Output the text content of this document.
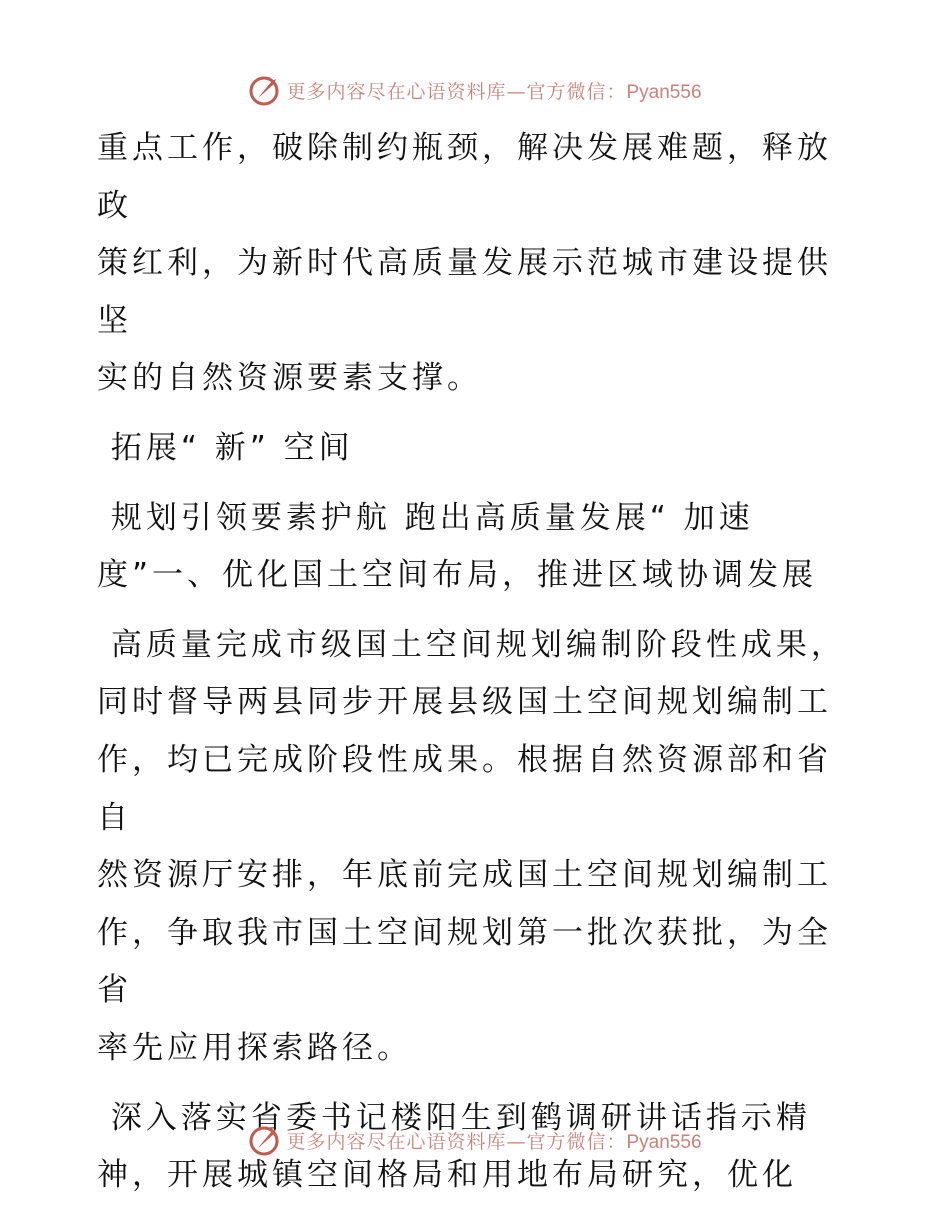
更多内容尽在心语资料库—官方微信：Pyan556
重点工作，破除制约瓶颈，解决发展难题，释放政
策红利，为新时代高质量发展示范城市建设提供坚
实的自然资源要素支撑。
拓展“ 新” 空间
规划引领要素护航 跑出高质量发展“ 加速
度”一、优化国土空间布局，推进区域协调发展
高质量完成市级国土空间规划编制阶段性成果，
同时督导两县同步开展县级国土空间规划编制工
作，均已完成阶段性成果。根据自然资源部和省自
然资源厅安排，年底前完成国土空间规划编制工
作，争取我市国土空间规划第一批次获批，为全省
率先应用探索路径。
深入落实省委书记楼阳生到鹤调研讲话指示精
神，开展城镇空间格局和用地布局研究，优化
更多内容尽在心语资料库—官方微信：Pyan556
